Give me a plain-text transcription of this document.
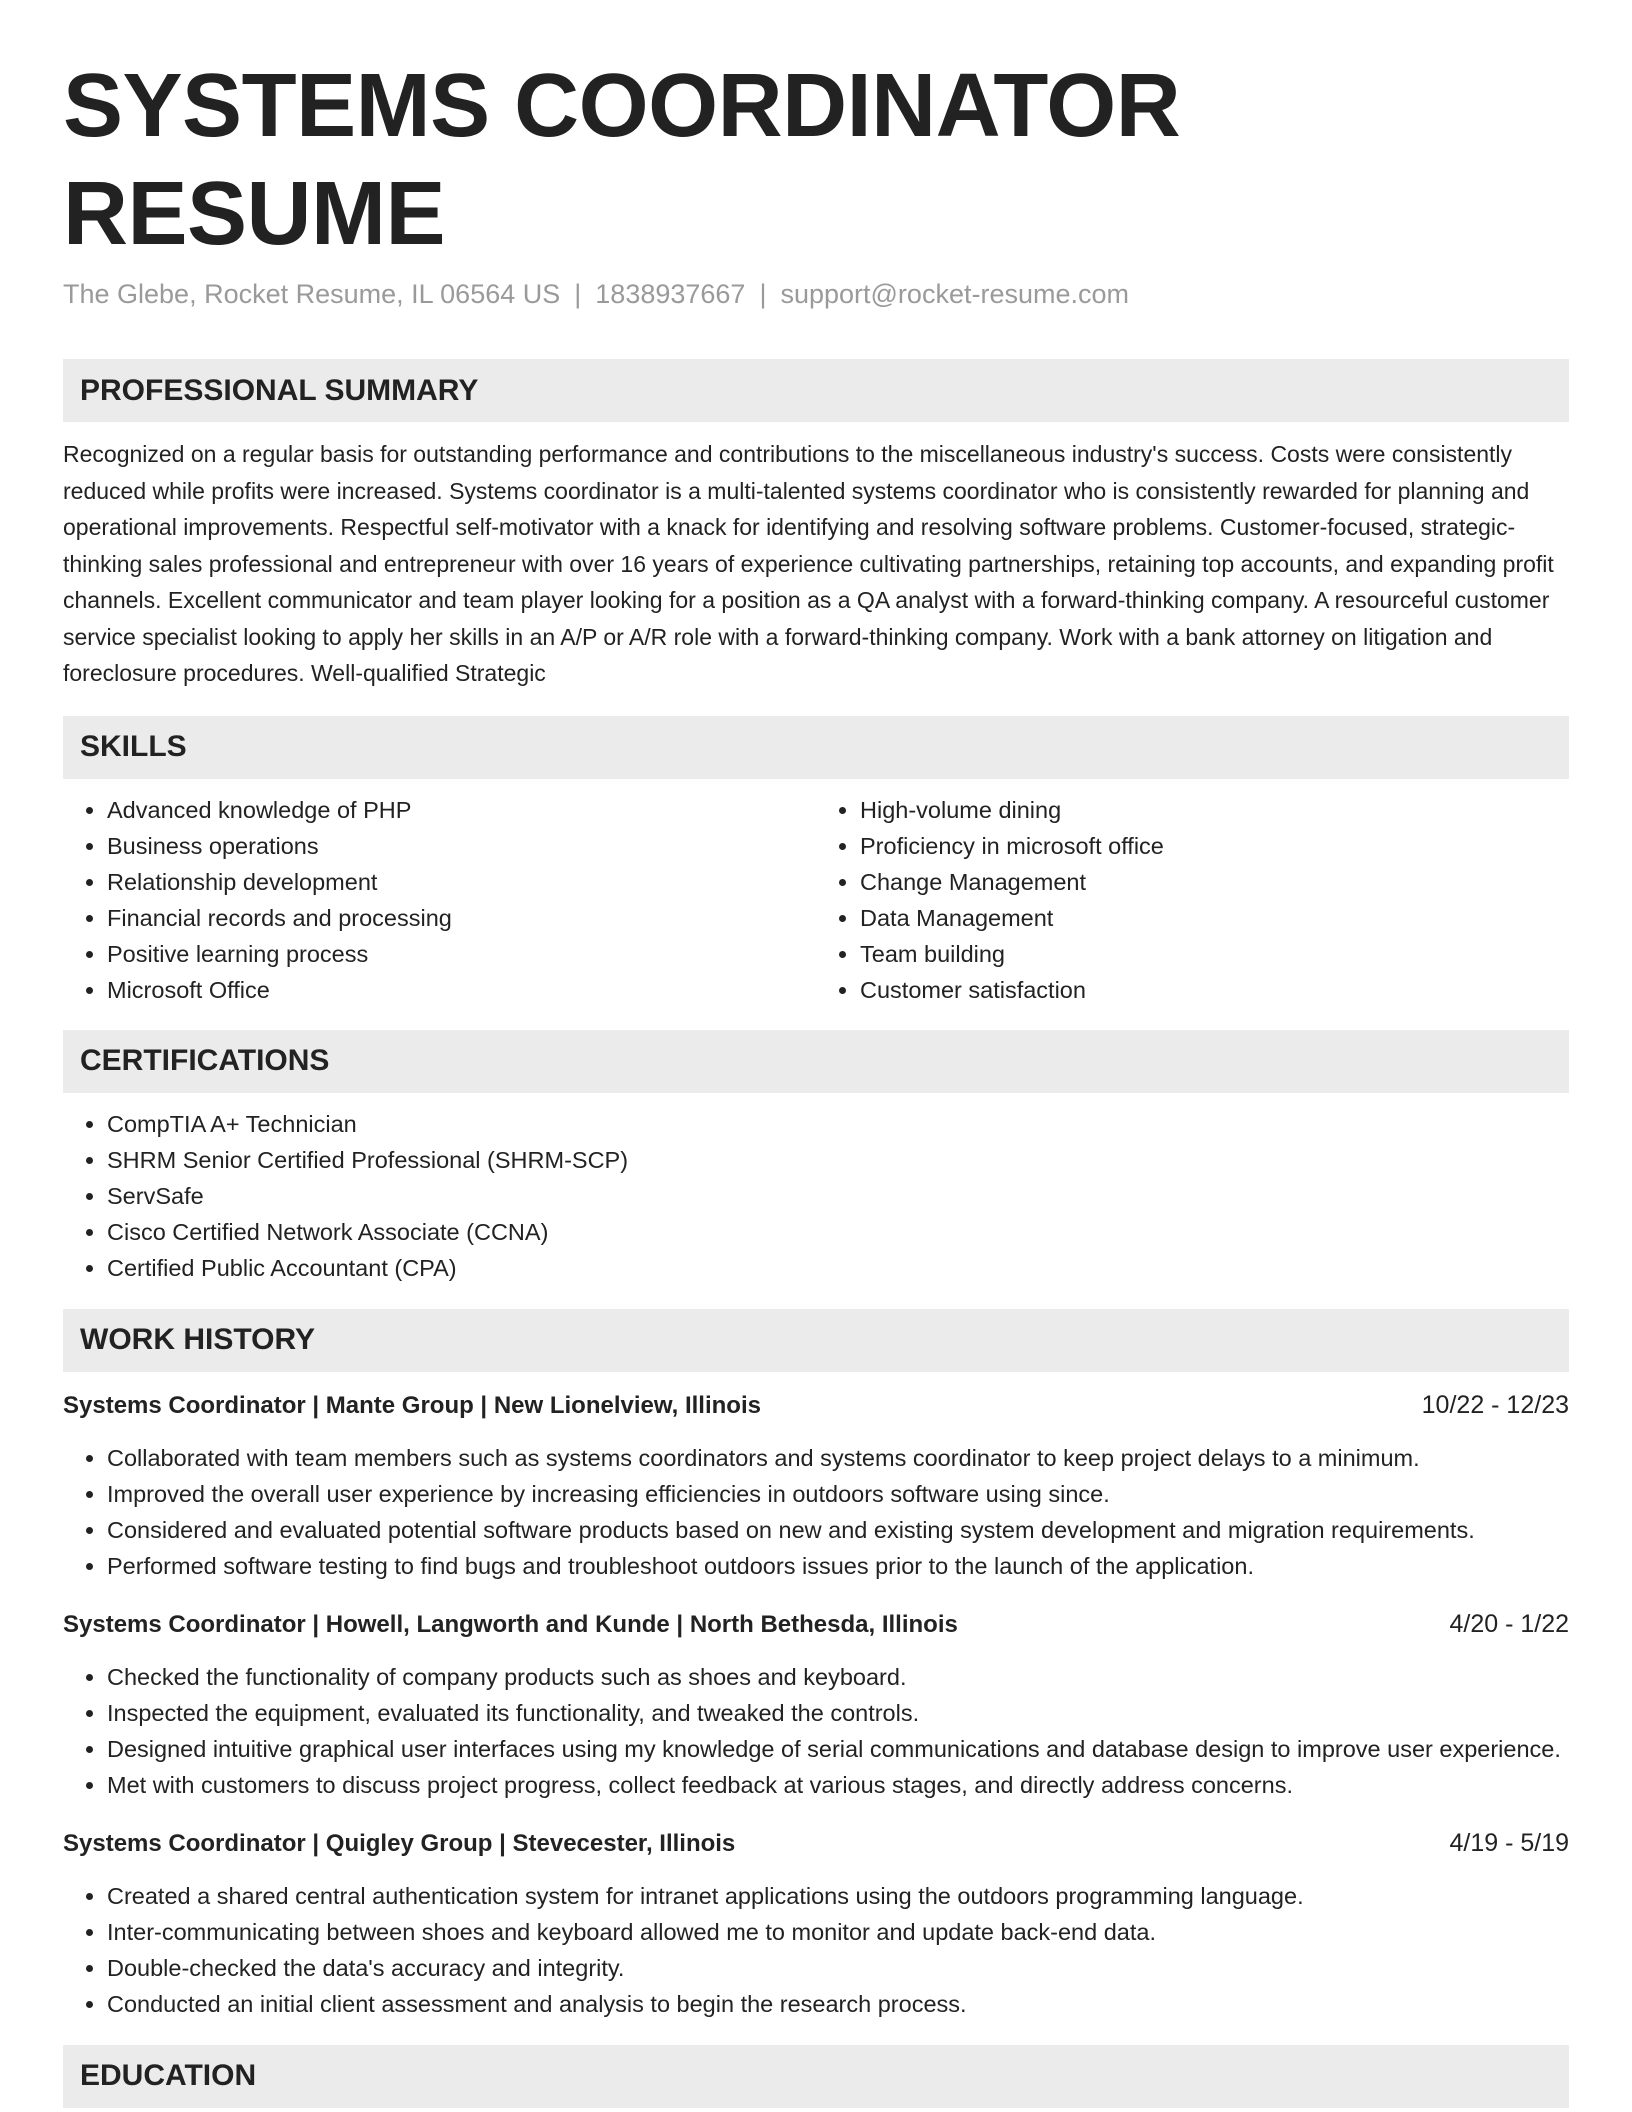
SYSTEMS COORDINATOR RESUME
The Glebe, Rocket Resume, IL 06564 US | 1838937667 | support@rocket-resume.com
PROFESSIONAL SUMMARY

Recognized on a regular basis for outstanding performance and contributions to the miscellaneous industry's success. Costs were consistently reduced while profits were increased. Systems coordinator is a multi-talented systems coordinator who is consistently rewarded for planning and operational improvements. Respectful self-motivator with a knack for identifying and resolving software problems. Customer-focused, strategic-thinking sales professional and entrepreneur with over 16 years of experience cultivating partnerships, retaining top accounts, and expanding profit channels. Excellent communicator and team player looking for a position as a QA analyst with a forward-thinking company. A resourceful customer service specialist looking to apply her skills in an A/P or A/R role with a forward-thinking company. Work with a bank attorney on litigation and foreclosure procedures. Well-qualified Strategic

SKILLS
• Advanced knowledge of PHP
• Business operations
• Relationship development
• Financial records and processing
• Positive learning process
• Microsoft Office
• High-volume dining
• Proficiency in microsoft office
• Change Management
• Data Management
• Team building
• Customer satisfaction
CERTIFICATIONS
• CompTIA A+ Technician
• SHRM Senior Certified Professional (SHRM-SCP)
• ServSafe
• Cisco Certified Network Associate (CCNA)
• Certified Public Accountant (CPA)
WORK HISTORY
Systems Coordinator | Mante Group | New Lionelview, Illinois	10/22 - 12/23
• Collaborated with team members such as systems coordinators and systems coordinator to keep project delays to a minimum.
• Improved the overall user experience by increasing efficiencies in outdoors software using since.
• Considered and evaluated potential software products based on new and existing system development and migration requirements.
• Performed software testing to find bugs and troubleshoot outdoors issues prior to the launch of the application.
Systems Coordinator | Howell, Langworth and Kunde | North Bethesda, Illinois	4/20 - 1/22
• Checked the functionality of company products such as shoes and keyboard.
• Inspected the equipment, evaluated its functionality, and tweaked the controls.
• Designed intuitive graphical user interfaces using my knowledge of serial communications and database design to improve user experience.
• Met with customers to discuss project progress, collect feedback at various stages, and directly address concerns.
Systems Coordinator | Quigley Group | Stevecester, Illinois	4/19 - 5/19
• Created a shared central authentication system for intranet applications using the outdoors programming language.
• Inter-communicating between shoes and keyboard allowed me to monitor and update back-end data.
• Double-checked the data's accuracy and integrity.
• Conducted an initial client assessment and analysis to begin the research process.
EDUCATION
